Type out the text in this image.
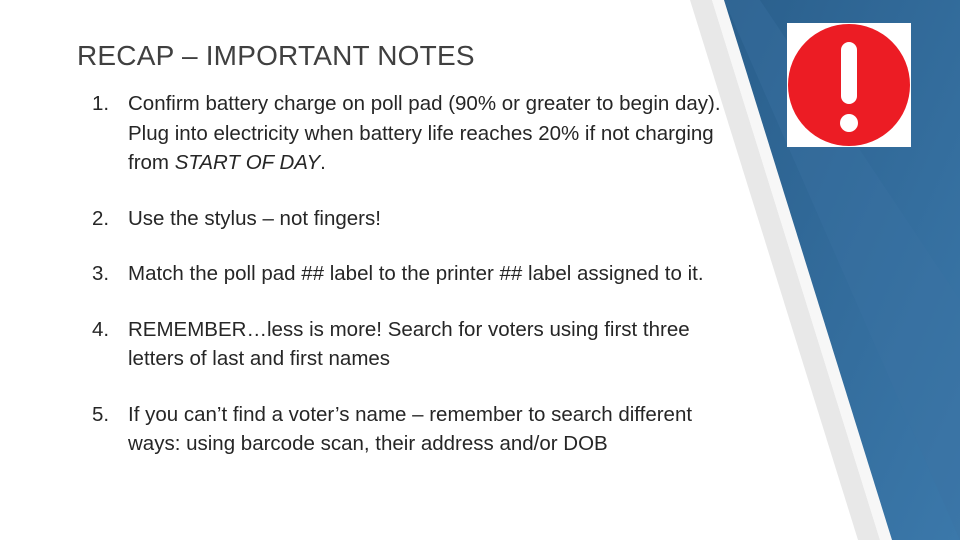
RECAP – IMPORTANT NOTES
1. Confirm battery charge on poll pad (90% or greater to begin day). Plug into electricity when battery life reaches 20% if not charging from START OF DAY.
2. Use the stylus – not fingers!
3. Match the poll pad ## label to the printer ## label assigned to it.
4. REMEMBER…less is more! Search for voters using first three letters of last and first names
5. If you can’t find a voter’s name – remember to search different ways: using barcode scan, their address and/or DOB
